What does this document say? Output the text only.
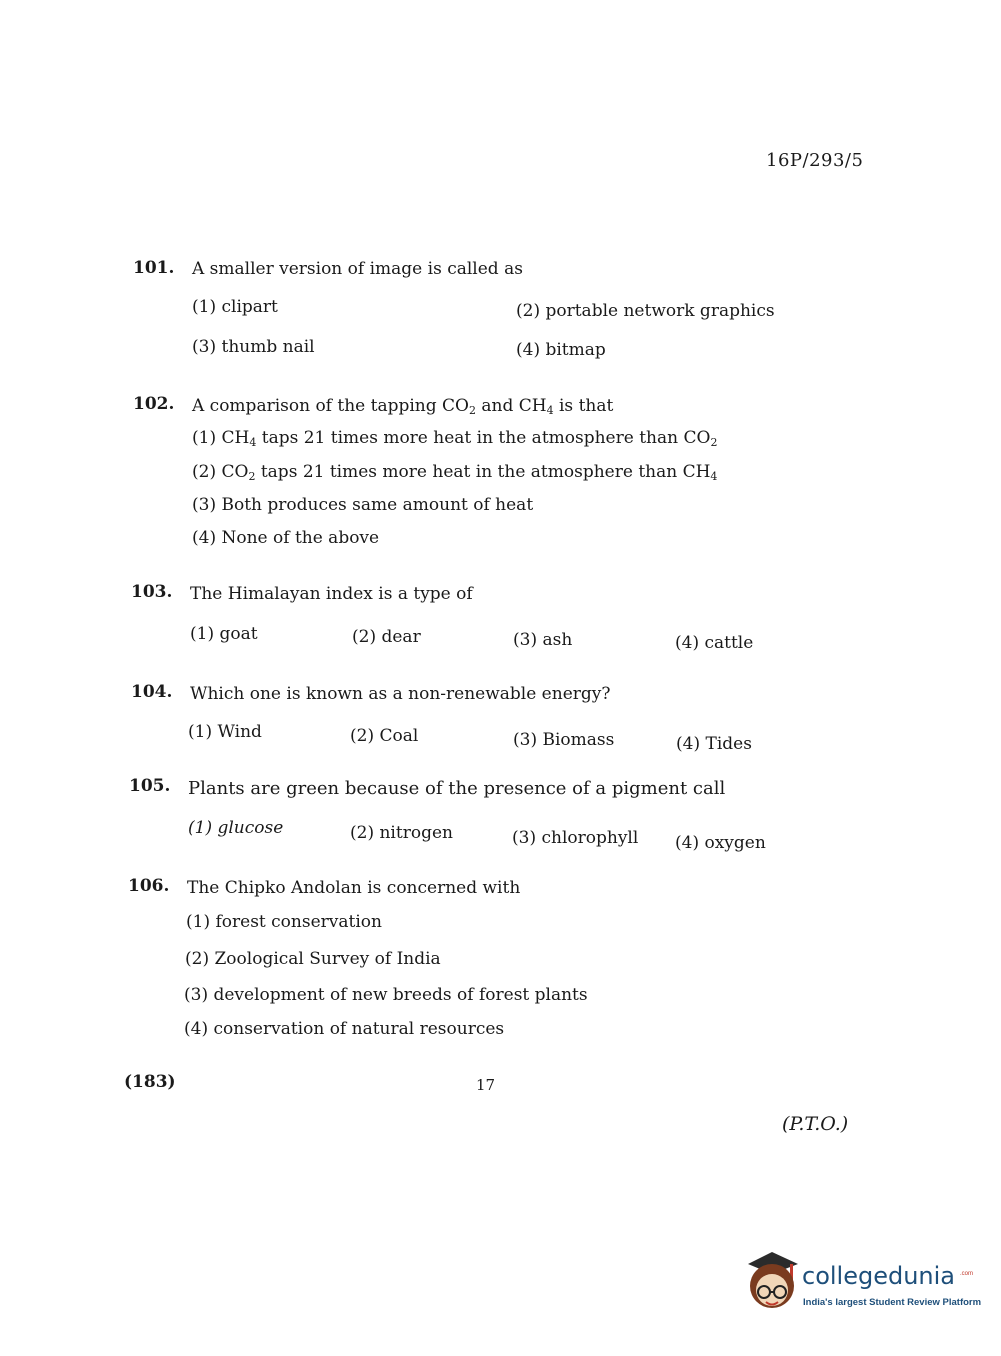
16P/293/5
101. A smaller version of image is called as
(1) clipart	(2) portable network graphics
(3) thumb nail	(4) bitmap
102. A comparison of the tapping $CO_2$ and $CH_4$ is that
(1) $CH_4$ taps 21 times more heat in the atmosphere than $CO_2$
(2) $CO_2$ taps 21 times more heat in the atmosphere than $CH_4$
(3) Both produces same amount of heat
(4) None of the above
103. The Himalayan index is a type of
(1) goat	(2) dear	(3) ash	(4) cattle
104. Which one is known as a non-renewable energy?
(1) Wind	(2) Coal	(3) Biomass	(4) Tides
105. Plants are green because of the presence of a pigment call
(1) glucose	(2) nitrogen	(3) chlorophyll (4) oxygen
106. The Chipko Andolan is concerned with
(1) forest conservation
(2) Zoological Survey of India
(3) development of new breeds of forest plants
(4) conservation of natural resources
(183)	17
(P.T.O.)
collegedunia .com
India's largest Student Review Platform
